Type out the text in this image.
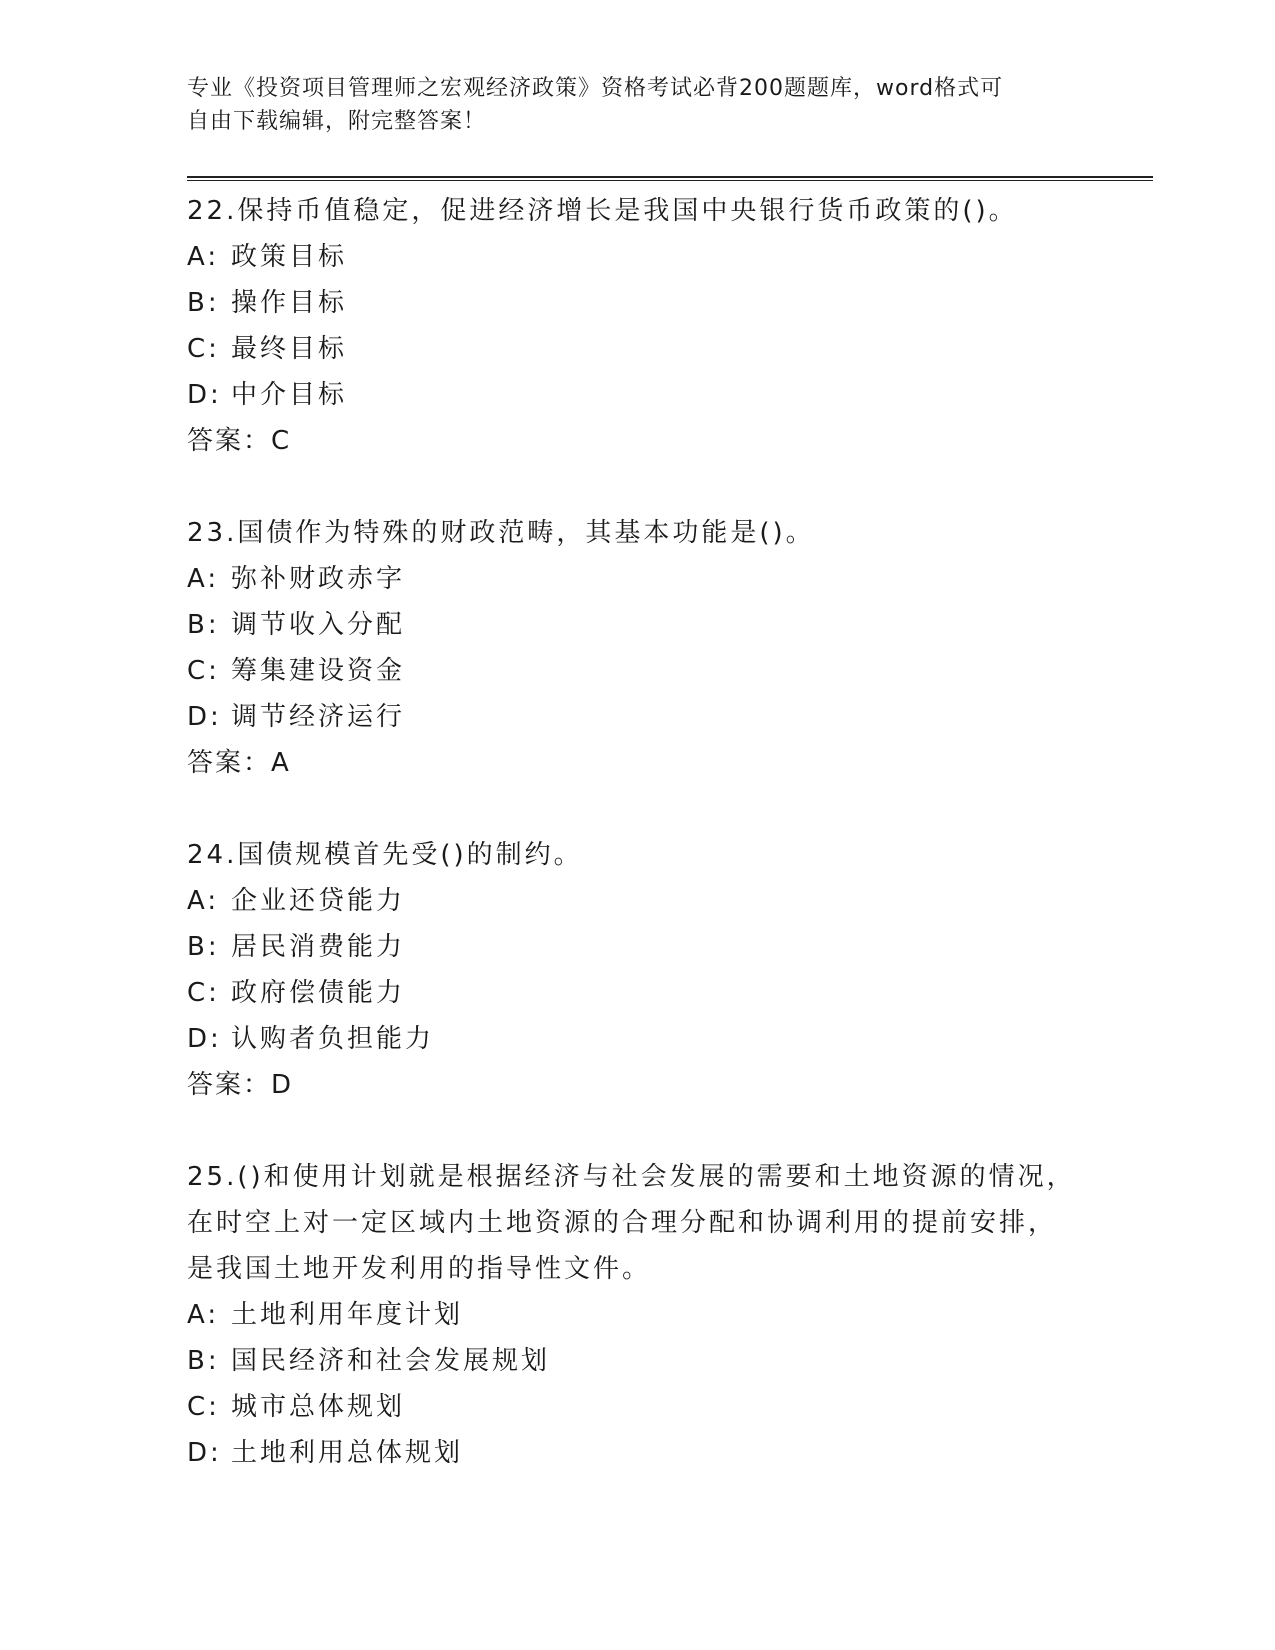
专业《投资项目管理师之宏观经济政策》资格考试必背200题题库，word格式可
自由下载编辑，附完整答案！
22.保持币值稳定，促进经济增长是我国中央银行货币政策的()。
A: 政策目标
B: 操作目标
C: 最终目标
D: 中介目标
答案：C
23.国债作为特殊的财政范畴，其基本功能是()。
A: 弥补财政赤字
B: 调节收入分配
C: 筹集建设资金
D: 调节经济运行
答案：A
24.国债规模首先受()的制约。
A: 企业还贷能力
B: 居民消费能力
C: 政府偿债能力
D: 认购者负担能力
答案：D
25.()和使用计划就是根据经济与社会发展的需要和土地资源的情况，
在时空上对一定区域内土地资源的合理分配和协调利用的提前安排，
是我国土地开发利用的指导性文件。
A: 土地利用年度计划
B: 国民经济和社会发展规划
C: 城市总体规划
D: 土地利用总体规划
